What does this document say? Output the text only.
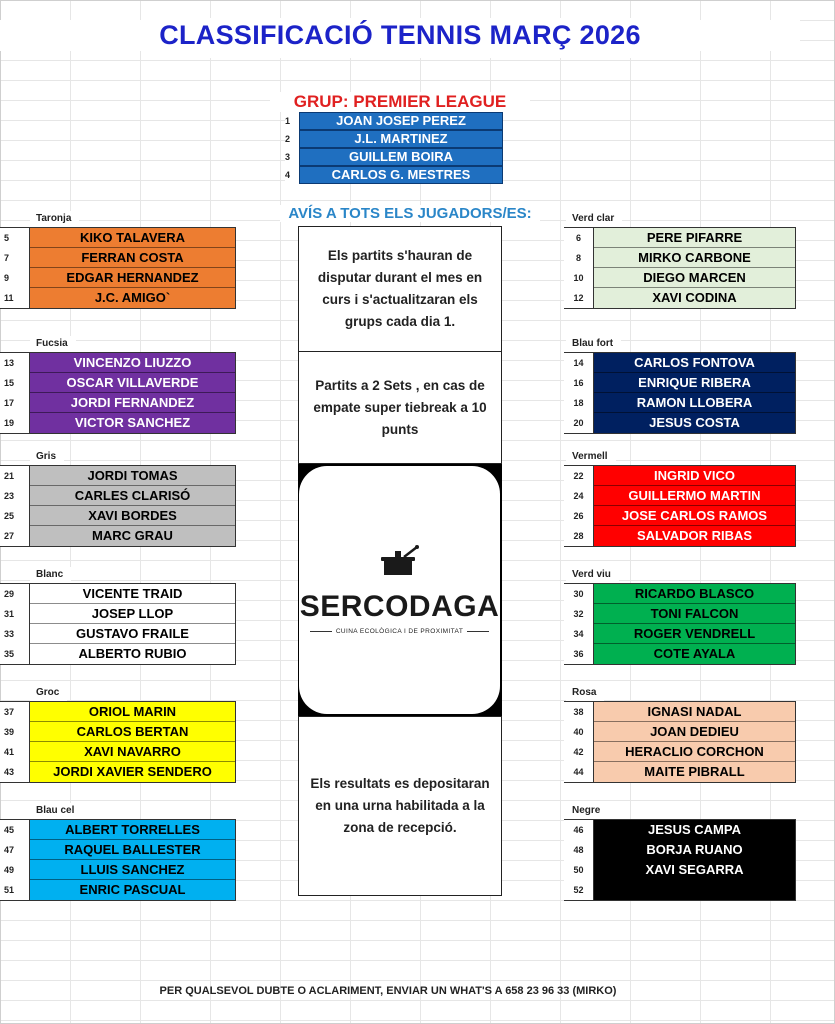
CLASSIFICACIÓ TENNIS MARÇ 2026
GRUP: PREMIER LEAGUE
1	JOAN JOSEP PEREZ
2	J.L. MARTINEZ
3	GUILLEM BOIRA
4	CARLOS G. MESTRES
AVÍS A TOTS ELS JUGADORS/ES:
Els partits s'hauran de disputar durant el mes en curs i s'actualitzaran els grups cada dia 1.
Partits a 2 Sets , en cas de empate super tiebreak a 10 punts
Els resultats es depositaran en una urna habilitada a la zona de recepció.
SERCODAGA
CUINA ECOLÒGICA I DE PROXIMITAT
Taronja
5	KIKO TALAVERA
7	FERRAN COSTA
9	EDGAR HERNANDEZ
11	J.C. AMIGO`
Fucsia
13	VINCENZO LIUZZO
15	OSCAR VILLAVERDE
17	JORDI FERNANDEZ
19	VICTOR SANCHEZ
Gris
21	JORDI TOMAS
23	CARLES CLARISÓ
25	XAVI BORDES
27	MARC GRAU
Blanc
29	VICENTE TRAID
31	JOSEP LLOP
33	GUSTAVO FRAILE
35	ALBERTO RUBIO
Groc
37	ORIOL MARIN
39	CARLOS BERTAN
41	XAVI NAVARRO
43	JORDI XAVIER SENDERO
Blau cel
45	ALBERT TORRELLES
47	RAQUEL BALLESTER
49	LLUIS SANCHEZ
51	ENRIC PASCUAL
Verd clar
6	PERE PIFARRE
8	MIRKO CARBONE
10	DIEGO MARCEN
12	XAVI CODINA
Blau fort
14	CARLOS FONTOVA
16	ENRIQUE RIBERA
18	RAMON LLOBERA
20	JESUS COSTA
Vermell
22	INGRID VICO
24	GUILLERMO MARTIN
26	JOSE CARLOS RAMOS
28	SALVADOR RIBAS
Verd viu
30	RICARDO BLASCO
32	TONI FALCON
34	ROGER VENDRELL
36	COTE AYALA
Rosa
38	IGNASI NADAL
40	JOAN DEDIEU
42	HERACLIO CORCHON
44	MAITE PIBRALL
Negre
46	JESUS CAMPA
48	BORJA RUANO
50	XAVI SEGARRA
52
PER QUALSEVOL DUBTE O ACLARIMENT, ENVIAR UN WHAT'S A 658 23 96 33 (MIRKO)
